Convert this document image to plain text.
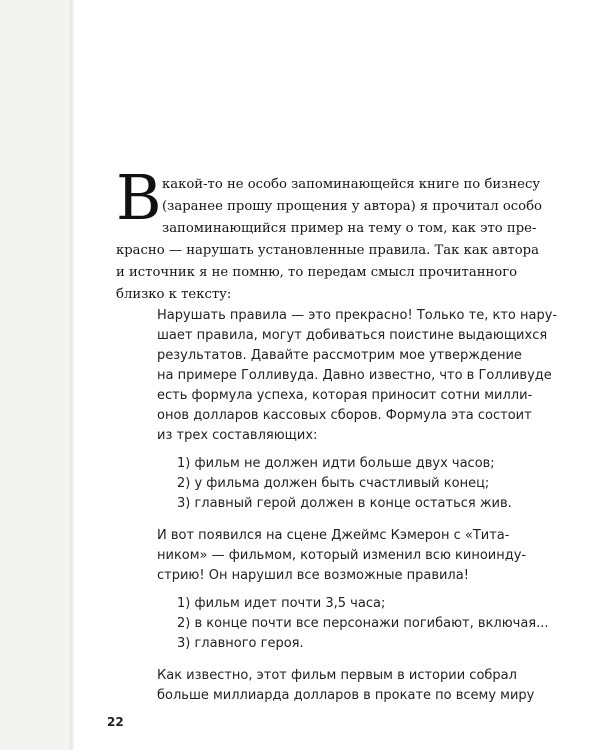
В какой-то не особо запоминающейся книге по бизнесу
(заранее прошу прощения у автора) я прочитал особо
запоминающийся пример на тему о том, как это пре-
красно — нарушать установленные правила. Так как автора
и источник я не помню, то передам смысл прочитанного
близко к тексту:
Нарушать правила — это прекрасно! Только те, кто нару-
шает правила, могут добиваться поистине выдающихся
результатов. Давайте рассмотрим мое утверждение
на примере Голливуда. Давно известно, что в Голливуде
есть формула успеха, которая приносит сотни милли-
онов долларов кассовых сборов. Формула эта состоит
из трех составляющих:
1) фильм не должен идти больше двух часов;
2) у фильма должен быть счастливый конец;
3) главный герой должен в конце остаться жив.
И вот появился на сцене Джеймс Кэмерон с «Тита-
ником» — фильмом, который изменил всю киноинду-
стрию! Он нарушил все возможные правила!
1) фильм идет почти 3,5 часа;
2) в конце почти все персонажи погибают, включая...
3) главного героя.
Как известно, этот фильм первым в истории собрал
больше миллиарда долларов в прокате по всему миру
22
